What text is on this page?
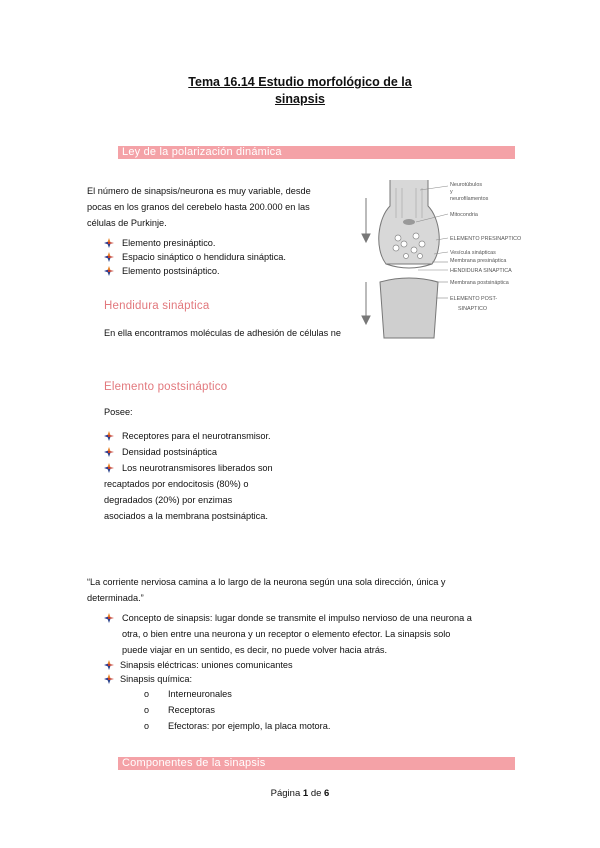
Tema 16.14 Estudio morfológico de la
sinapsis
Ley de la polarización dinámica
El número de sinapsis/neurona es muy variable, desde
pocas en los granos del cerebelo hasta 200.000 en las
células de Purkinje.
Elemento presináptico.
Espacio sináptico o hendidura sináptica.
Elemento postsináptico.
Hendidura sináptica
En ella encontramos moléculas de adhesión de células ne
Neurotúbulos
y
neurofilamentos
Mitocondria
ELEMENTO PRESINAPTICO
Vesícula sinápticas
Membrana presináptica
HENDIDURA SINAPTICA
Membrana postsináptica
ELEMENTO POST-
SINAPTICO
Elemento postsináptico
Posee:
Receptores para el neurotransmisor.
Densidad postsináptica
Los neurotransmisores liberados son
recaptados por endocitosis (80%) o
degradados (20%) por enzimas
asociados a la membrana postsináptica.
“La corriente nerviosa camina a lo largo de la neurona según una sola dirección, única y
determinada.”
Concepto de sinapsis: lugar donde se transmite el impulso nervioso de una neurona a
otra, o bien entre una neurona y un receptor o elemento efector. La sinapsis solo
puede viajar en un sentido, es decir, no puede volver hacia atrás.
Sinapsis eléctricas: uniones comunicantes
Sinapsis química:
o	Interneuronales
o	Receptoras
o	Efectoras: por ejemplo, la placa motora.
Componentes de la sinapsis
Página 1 de 6
